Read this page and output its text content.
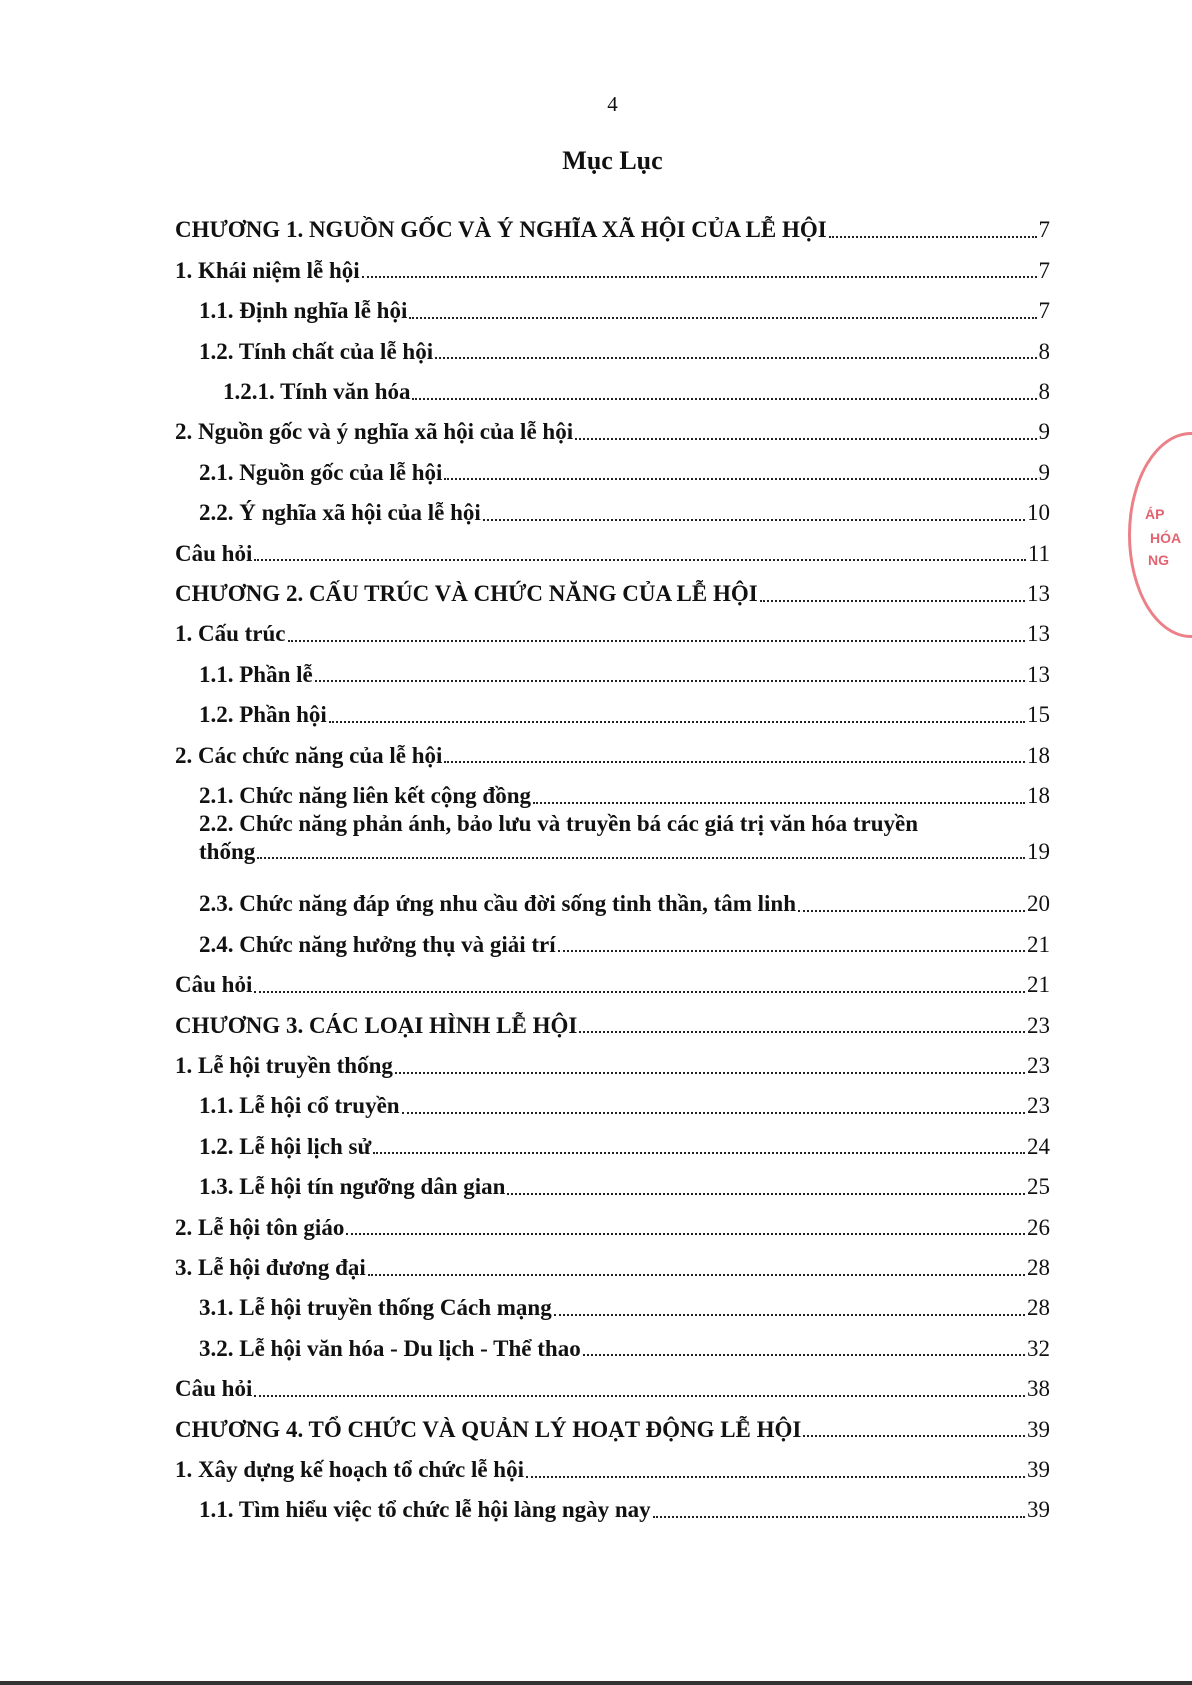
4
Mục Lục
CHƯƠNG 1. NGUỒN GỐC VÀ Ý NGHĨA XÃ HỘI CỦA LỄ HỘI	7
1. Khái niệm lễ hội	7
1.1. Định nghĩa lễ hội	7
1.2. Tính chất của lễ hội	8
1.2.1. Tính văn hóa	8
2. Nguồn gốc và ý nghĩa xã hội của lễ hội	9
2.1. Nguồn gốc của lễ hội	9
2.2. Ý nghĩa xã hội của lễ hội	10
Câu hỏi	11
CHƯƠNG 2. CẤU TRÚC VÀ CHỨC NĂNG CỦA LỄ HỘI	13
1. Cấu trúc	13
1.1. Phần lễ	13
1.2. Phần hội	15
2. Các chức năng của lễ hội	18
2.1. Chức năng liên kết cộng đồng	18
2.2. Chức năng phản ánh, bảo lưu và truyền bá các giá trị văn hóa truyền
thống	19
2.3. Chức năng đáp ứng nhu cầu đời sống tinh thần, tâm linh	20
2.4. Chức năng hưởng thụ và giải trí	21
Câu hỏi	21
CHƯƠNG 3. CÁC LOẠI HÌNH LỄ HỘI	23
1. Lễ hội truyền thống	23
1.1. Lễ hội cổ truyền	23
1.2. Lễ hội lịch sử	24
1.3. Lễ hội tín ngưỡng dân gian	25
2. Lễ hội tôn giáo	26
3. Lễ hội đương đại	28
3.1. Lễ hội truyền thống Cách mạng	28
3.2. Lễ hội văn hóa - Du lịch - Thể thao	32
Câu hỏi	38
CHƯƠNG 4. TỔ CHỨC VÀ QUẢN LÝ HOẠT ĐỘNG LỄ HỘI	39
1. Xây dựng kế hoạch tổ chức lễ hội	39
1.1. Tìm hiểu việc tổ chức lễ hội làng ngày nay	39
ÁP
HÓA
NG
